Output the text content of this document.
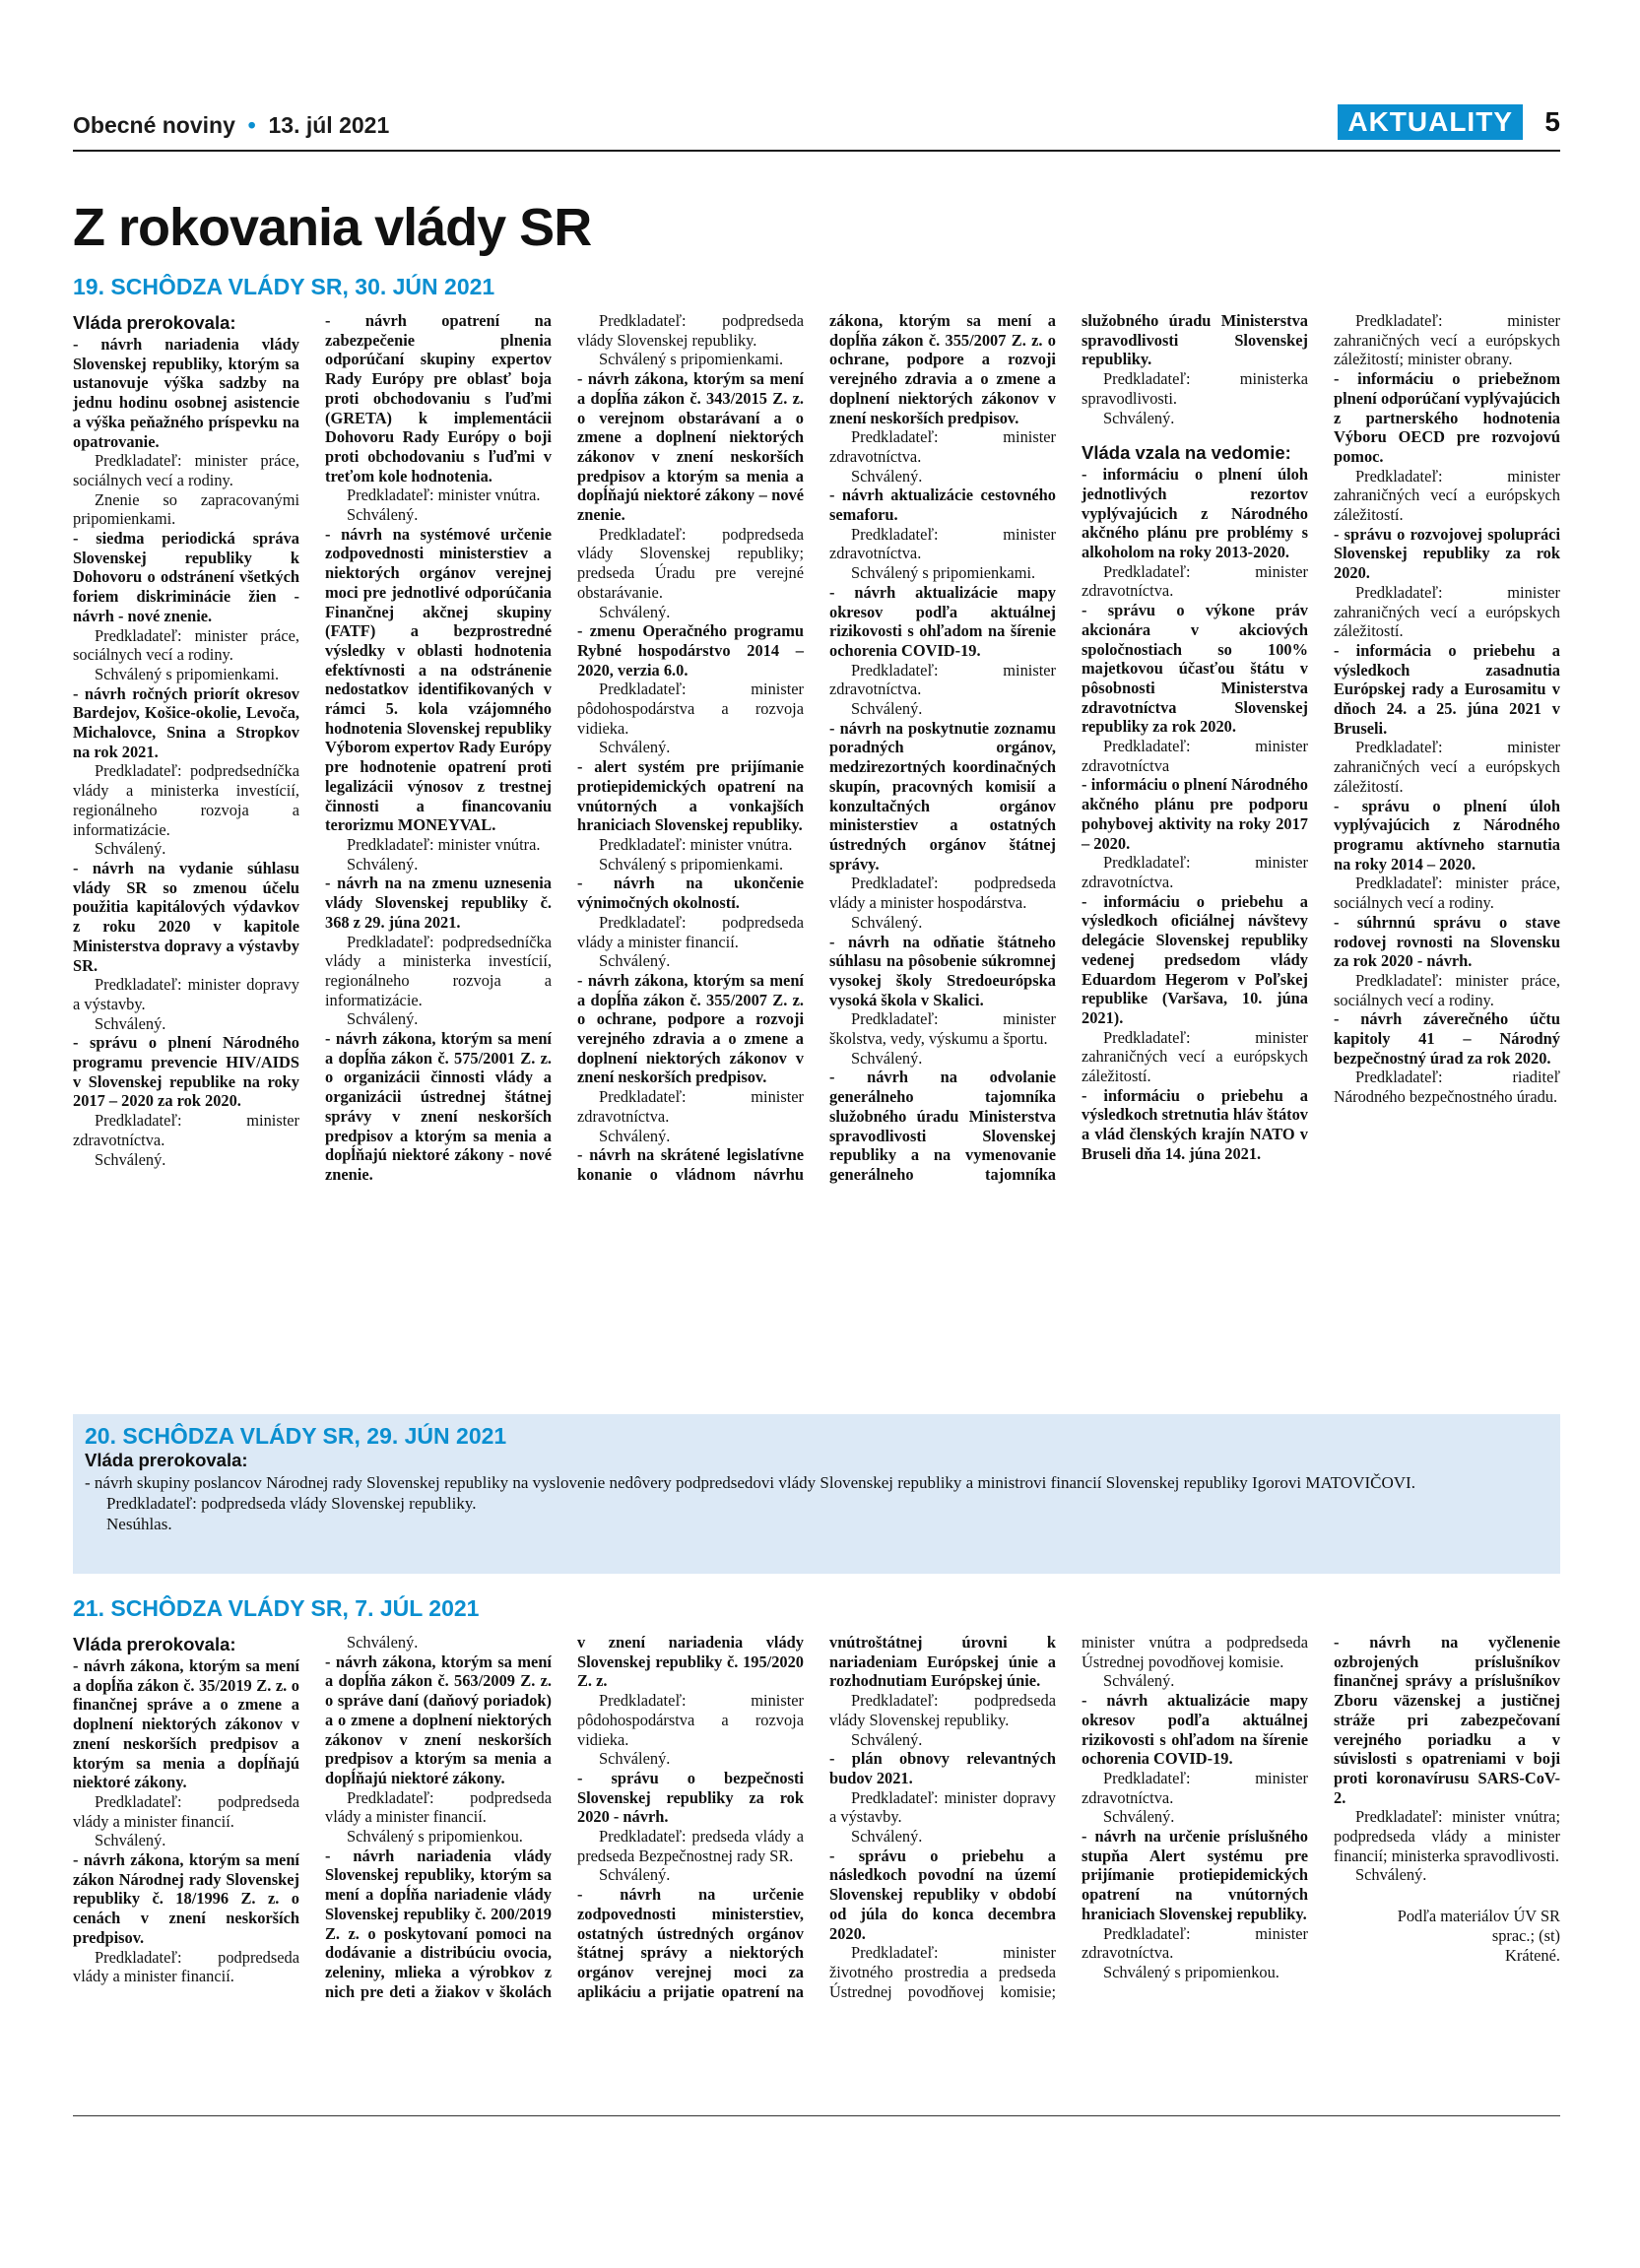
Obecné noviny  •  13. júl 2021	AKTUALITY	5
Z rokovania vlády SR
19. SCHÔDZA VLÁDY SR, 30. JÚN 2021

Vláda prerokovala:

- návrh nariadenia vlády Slovenskej republiky, ktorým sa ustanovuje výška sadzby na jednu hodinu osobnej asistencie a výška peňažného príspevku na opatrovanie.

Predkladateľ: minister práce, sociálnych vecí a rodiny.

Znenie so zapracovanými pripomienkami.

- siedma periodická správa Slovenskej republiky k Dohovoru o odstránení všetkých foriem diskriminácie žien - návrh - nové znenie.

Predkladateľ: minister práce, sociálnych vecí a rodiny.

Schválený s pripomienkami.

- návrh ročných priorít okresov Bardejov, Košice-okolie, Levoča, Michalovce, Snina a Stropkov na rok 2021.

Predkladateľ: podpredsedníčka vlády a ministerka investícií, regionálneho rozvoja a informatizácie.

Schválený.

- návrh na vydanie súhlasu vlády SR so zmenou účelu použitia kapitálových výdavkov z roku 2020 v kapitole Ministerstva dopravy a výstavby SR.

Predkladateľ: minister dopravy a výstavby.

Schválený.

- správu o plnení Národného programu prevencie HIV/AIDS v Slovenskej republike na roky 2017 – 2020 za rok 2020.

Predkladateľ: minister zdravotníctva.

Schválený.

- návrh opatrení na zabezpečenie plnenia odporúčaní skupiny expertov Rady Európy pre oblasť boja proti obchodovaniu s ľuďmi (GRETA) k implementácii Dohovoru Rady Európy o boji proti obchodovaniu s ľuďmi v treťom kole hodnotenia.

Predkladateľ: minister vnútra.

Schválený.

- návrh na systémové určenie zodpovednosti ministerstiev a niektorých orgánov verejnej moci pre jednotlivé odporúčania Finančnej akčnej skupiny (FATF) a bezprostredné výsledky v oblasti hodnotenia efektívnosti a na odstránenie nedostatkov identifikovaných v rámci 5. kola vzájomného hodnotenia Slovenskej republiky Výborom expertov Rady Európy pre hodnotenie opatrení proti legalizácii výnosov z trestnej činnosti a financovaniu terorizmu MONEYVAL.

Predkladateľ: minister vnútra.

Schválený.

- návrh na na zmenu uznesenia vlády Slovenskej republiky č. 368 z 29. júna 2021.

Predkladateľ: podpredsedníčka vlády a ministerka investícií, regionálneho rozvoja a informatizácie.

Schválený.

- návrh zákona, ktorým sa mení a dopĺňa zákon č. 575/2001 Z. z. o organizácii činnosti vlády a organizácii ústrednej štátnej správy v znení neskorších predpisov a ktorým sa menia a dopĺňajú niektoré zákony - nové znenie.

Predkladateľ: podpredseda vlády Slovenskej republiky.

Schválený s pripomienkami.

- návrh zákona, ktorým sa mení a dopĺňa zákon č. 343/2015 Z. z. o verejnom obstarávaní a o zmene a doplnení niektorých zákonov v znení neskorších predpisov a ktorým sa menia a dopĺňajú niektoré zákony – nové znenie.

Predkladateľ: podpredseda vlády Slovenskej republiky; predseda Úradu pre verejné obstarávanie.

Schválený.

- zmenu Operačného programu Rybné hospodárstvo 2014 – 2020, verzia 6.0.

Predkladateľ: minister pôdohospodárstva a rozvoja vidieka.

Schválený.

- alert systém pre prijímanie protiepidemických opatrení na vnútorných a vonkajších hraniciach Slovenskej republiky.

Predkladateľ: minister vnútra.

Schválený s pripomienkami.

- návrh na ukončenie výnimočných okolností.

Predkladateľ: podpredseda vlády a minister financií.

Schválený.

- návrh zákona, ktorým sa mení a dopĺňa zákon č. 355/2007 Z. z. o ochrane, podpore a rozvoji verejného zdravia a o zmene a doplnení niektorých zákonov v znení neskorších predpisov.

Predkladateľ: minister zdravotníctva.

Schválený.

- návrh na skrátené legislatívne konanie o vládnom návrhu zákona, ktorým sa mení a dopĺňa zákon č. 355/2007 Z. z. o ochrane, podpore a rozvoji verejného zdravia a o zmene a doplnení niektorých zákonov v znení neskorších predpisov.

Predkladateľ: minister zdravotníctva.

Schválený.

- návrh aktualizácie cestovného semaforu.

Predkladateľ: minister zdravotníctva.

Schválený s pripomienkami.

- návrh aktualizácie mapy okresov podľa aktuálnej rizikovosti s ohľadom na šírenie ochorenia COVID-19.

Predkladateľ: minister zdravotníctva.

Schválený.

- návrh na poskytnutie zoznamu poradných orgánov, medzirezortných koordinačných skupín, pracovných komisií a konzultačných orgánov ministerstiev a ostatných ústredných orgánov štátnej správy.

Predkladateľ: podpredseda vlády a minister hospodárstva.

Schválený.

- návrh na odňatie štátneho súhlasu na pôsobenie súkromnej vysokej školy Stredoeurópska vysoká škola v Skalici.

Predkladateľ: minister školstva, vedy, výskumu a športu.

Schválený.

- návrh na odvolanie generálneho tajomníka služobného úradu Ministerstva spravodlivosti Slovenskej republiky a na vymenovanie generálneho tajomníka služobného úradu Ministerstva spravodlivosti Slovenskej republiky.

Predkladateľ: ministerka spravodlivosti.

Schválený.

Vláda vzala na vedomie:

- informáciu o plnení úloh jednotlivých rezortov vyplývajúcich z Národného akčného plánu pre problémy s alkoholom na roky 2013-2020.

Predkladateľ: minister zdravotníctva.

- správu o výkone práv akcionára v akciových spoločnostiach so 100% majetkovou účasťou štátu v pôsobnosti Ministerstva zdravotníctva Slovenskej republiky za rok 2020.

Predkladateľ: minister zdravotníctva

- informáciu o plnení Národného akčného plánu pre podporu pohybovej aktivity na roky 2017 – 2020.

Predkladateľ: minister zdravotníctva.

- informáciu o priebehu a výsledkoch oficiálnej návštevy delegácie Slovenskej republiky vedenej predsedom vlády Eduardom Hegerom v Poľskej republike (Varšava, 10. júna 2021).

Predkladateľ: minister zahraničných vecí a európskych záležitostí.

- informáciu o priebehu a výsledkoch stretnutia hláv štátov a vlád členských krajín NATO v Bruseli dňa 14. júna 2021.

Predkladateľ: minister zahraničných vecí a európskych záležitostí; minister obrany.

- informáciu o priebežnom plnení odporúčaní vyplývajúcich z partnerského hodnotenia Výboru OECD pre rozvojovú pomoc.

Predkladateľ: minister zahraničných vecí a európskych záležitostí.

- správu o rozvojovej spolupráci Slovenskej republiky za rok 2020.

Predkladateľ: minister zahraničných vecí a európskych záležitostí.

- informácia o priebehu a výsledkoch zasadnutia Európskej rady a Eurosamitu v dňoch 24. a 25. júna 2021 v Bruseli.

Predkladateľ: minister zahraničných vecí a európskych záležitostí.

- správu o plnení úloh vyplývajúcich z Národného programu aktívneho starnutia na roky 2014 – 2020.

Predkladateľ: minister práce, sociálnych vecí a rodiny.

- súhrnnú správu o stave rodovej rovnosti na Slovensku za rok 2020 - návrh.

Predkladateľ: minister práce, sociálnych vecí a rodiny.

- návrh záverečného účtu kapitoly 41 – Národný bezpečnostný úrad za rok 2020.

Predkladateľ: riaditeľ Národného bezpečnostného úradu.

20. SCHÔDZA VLÁDY SR, 29. JÚN 2021

Vláda prerokovala:

- návrh skupiny poslancov Národnej rady Slovenskej republiky na vyslovenie nedôvery podpredsedovi vlády Slovenskej republiky a ministrovi financií Slovenskej republiky Igorovi MATOVIČOVI.

Predkladateľ: podpredseda vlády Slovenskej republiky.

Nesúhlas.

21. SCHÔDZA VLÁDY SR, 7. JÚL 2021

Vláda prerokovala:

- návrh zákona, ktorým sa mení a dopĺňa zákon č. 35/2019 Z. z. o finančnej správe a o zmene a doplnení niektorých zákonov v znení neskorších predpisov a ktorým sa menia a dopĺňajú niektoré zákony.

Predkladateľ: podpredseda vlády a minister financií.

Schválený.

- návrh zákona, ktorým sa mení zákon Národnej rady Slovenskej republiky č. 18/1996 Z. z. o cenách v znení neskorších predpisov.

Predkladateľ: podpredseda vlády a minister financií.

Schválený.

- návrh zákona, ktorým sa mení a dopĺňa zákon č. 563/2009 Z. z. o správe daní (daňový poriadok) a o zmene a doplnení niektorých zákonov v znení neskorších predpisov a ktorým sa menia a dopĺňajú niektoré zákony.

Predkladateľ: podpredseda vlády a minister financií.

Schválený s pripomienkou.

- návrh nariadenia vlády Slovenskej republiky, ktorým sa mení a dopĺňa nariadenie vlády Slovenskej republiky č. 200/2019 Z. z. o poskytovaní pomoci na dodávanie a distribúciu ovocia, zeleniny, mlieka a výrobkov z nich pre deti a žiakov v školách v znení nariadenia vlády Slovenskej republiky č. 195/2020 Z. z.

Predkladateľ: minister pôdohospodárstva a rozvoja vidieka.

Schválený.

- správu o bezpečnosti Slovenskej republiky za rok 2020 - návrh.

Predkladateľ: predseda vlády a predseda Bezpečnostnej rady SR.

Schválený.

- návrh na určenie zodpovednosti ministerstiev, ostatných ústredných orgánov štátnej správy a niektorých orgánov verejnej moci za aplikáciu a prijatie opatrení na vnútroštátnej úrovni k nariadeniam Európskej únie a rozhodnutiam Európskej únie.

Predkladateľ: podpredseda vlády Slovenskej republiky.

Schválený.

- plán obnovy relevantných budov 2021.

Predkladateľ: minister dopravy a výstavby.

Schválený.

- správu o priebehu a následkoch povodní na území Slovenskej republiky v období od júla do konca decembra 2020.

Predkladateľ: minister životného prostredia a predseda Ústrednej povodňovej komisie; minister vnútra a podpredseda Ústrednej povodňovej komisie.

Schválený.

- návrh aktualizácie mapy okresov podľa aktuálnej rizikovosti s ohľadom na šírenie ochorenia COVID-19.

Predkladateľ: minister zdravotníctva.

Schválený.

- návrh na určenie príslušného stupňa Alert systému pre prijímanie protiepidemických opatrení na vnútorných hraniciach Slovenskej republiky.

Predkladateľ: minister zdravotníctva.

Schválený s pripomienkou.

- návrh na vyčlenenie ozbrojených príslušníkov finančnej správy a príslušníkov Zboru väzenskej a justičnej stráže pri zabezpečovaní verejného poriadku a v súvislosti s opatreniami v boji proti koronavírusu SARS-CoV-2.

Predkladateľ: minister vnútra; podpredseda vlády a minister financií; ministerka spravodlivosti.

Schválený.

Podľa materiálov ÚV SR

sprac.; (st)

Krátené.
